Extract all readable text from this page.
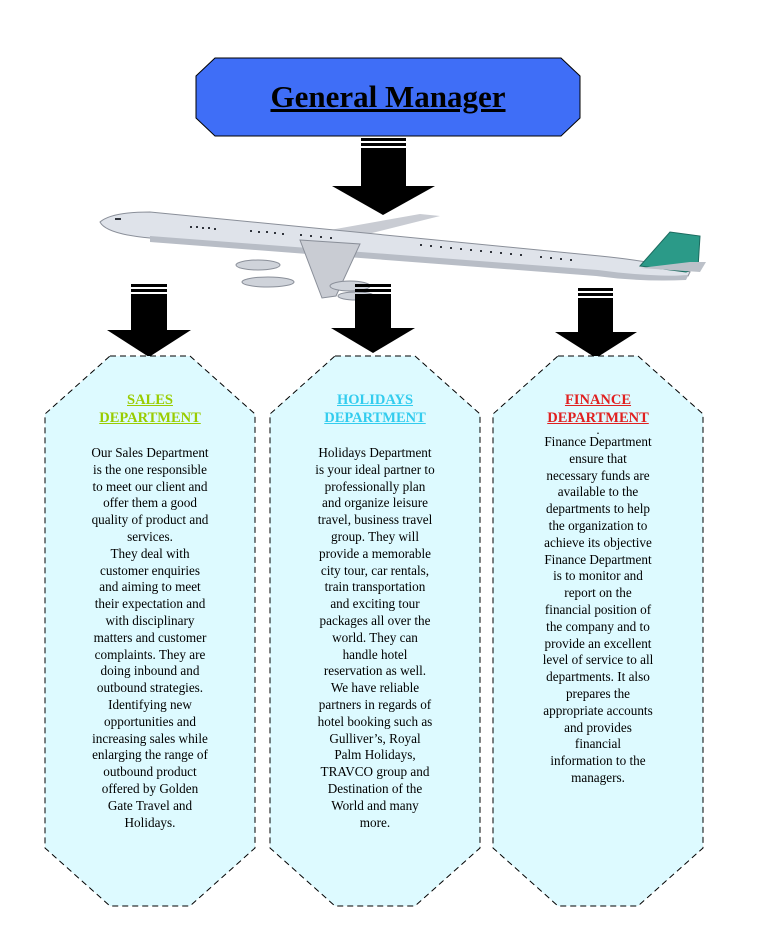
General Manager
SALES
DEPARTMENT
Our Sales Department
is the one responsible
to meet our client and
offer them a good
quality of product and
services.
They deal with
customer enquiries
and aiming to meet
their expectation and
with disciplinary
matters and customer
complaints. They are
doing inbound and
outbound strategies.
Identifying new
opportunities and
increasing sales while
enlarging the range of
outbound product
offered by Golden
Gate Travel and
Holidays.
HOLIDAYS
DEPARTMENT
Holidays Department
is your ideal partner to
professionally plan
and organize leisure
travel, business travel
group. They will
provide a memorable
city tour, car rentals,
train transportation
and exciting tour
packages all over the
world. They can
handle hotel
reservation as well.
We have reliable
partners in regards of
hotel booking such as
Gulliver’s, Royal
Palm Holidays,
TRAVCO group and
Destination of the
World and many
more.
FINANCE
DEPARTMENT
.
Finance Department
ensure that
necessary funds are
available to the
departments to help
the organization to
achieve its objective
Finance Department
is to monitor and
report on the
financial position of
the company and to
provide an excellent
level of service to all
departments. It also
prepares the
appropriate accounts
and provides
financial
information to the
managers.
